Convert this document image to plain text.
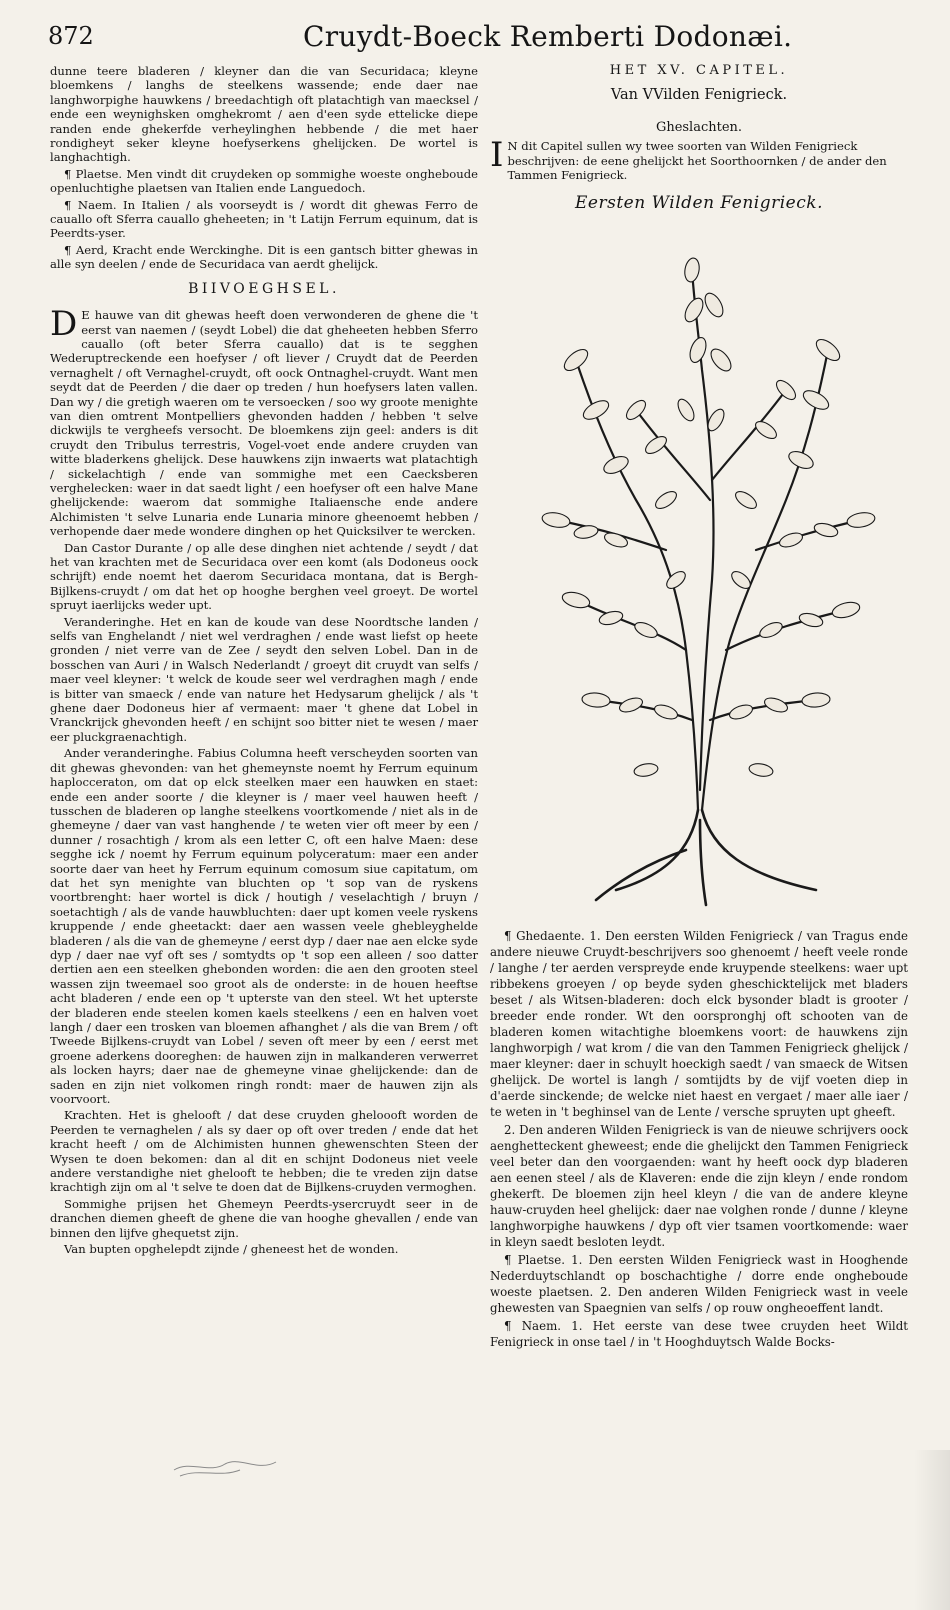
872	Cruydt-Boeck Remberti Dodonæi.

dunne teere bladeren / kleyner dan die van Securidaca; kleyne bloemkens / langhs de steelkens wassende; ende daer nae langhworpighe hauwkens / breedachtigh oft platachtigh van maecksel / ende een weynighsken omghekromt / aen d'een syde ettelicke diepe randen ende ghekerfde verheylinghen hebbende / die met haer rondigheyt seker kleyne hoefyserkens ghelijcken. De wortel is langhachtigh.

¶ Plaetse. Men vindt dit cruydeken op sommighe woeste ongheboude openluchtighe plaetsen van Italien ende Languedoch.

¶ Naem. In Italien / als voorseydt is / wordt dit ghewas Ferro de cauallo oft Sferra cauallo gheheeten; in 't Latijn Ferrum equinum, dat is Peerdts-yser.

¶ Aerd, Kracht ende Werckinghe. Dit is een gantsch bitter ghewas in alle syn deelen / ende de Securidaca van aerdt ghelijck.

BIIVOEGHSEL.

D E hauwe van dit ghewas heeft doen verwonderen de ghene die 't eerst van naemen / (seydt Lobel) die dat gheheeten hebben Sferro cauallo (oft beter Sferra cauallo) dat is te segghen Wederuptreckende een hoefyser / oft liever / Cruydt dat de Peerden vernaghelt / oft Vernaghel-cruydt, oft oock Ontnaghel-cruydt. Want men seydt dat de Peerden / die daer op treden / hun hoefysers laten vallen. Dan wy / die gretigh waeren om te versoecken / soo wy groote menighte van dien omtrent Montpelliers ghevonden hadden / hebben 't selve dickwijls te vergheefs versocht. De bloemkens zijn geel: anders is dit cruydt den Tribulus terrestris, Vogel-voet ende andere cruyden van witte bladerkens ghelijck. Dese hauwkens zijn inwaerts wat platachtigh / sickelachtigh / ende van sommighe met een Caecksberen verghelecken: waer in dat saedt light / een hoefyser oft een halve Mane ghelijckende: waerom dat sommighe Italiaensche ende andere Alchimisten 't selve Lunaria ende Lunaria minore gheenoemt hebben / verhopende daer mede wondere dinghen op het Quicksilver te wercken.

Dan Castor Durante / op alle dese dinghen niet achtende / seydt / dat het van krachten met de Securidaca over een komt (als Dodoneus oock schrijft) ende noemt het daerom Securidaca montana, dat is Bergh-Bijlkens-cruydt / om dat het op hooghe berghen veel groeyt. De wortel spruyt iaerlijcks weder upt.

Veranderinghe. Het en kan de koude van dese Noordtsche landen / selfs van Enghelandt / niet wel verdraghen / ende wast liefst op heete gronden / niet verre van de Zee / seydt den selven Lobel. Dan in de bosschen van Auri / in Walsch Nederlandt / groeyt dit cruydt van selfs / maer veel kleyner: 't welck de koude seer wel verdraghen magh / ende is bitter van smaeck / ende van nature het Hedysarum ghelijck / als 't ghene daer Dodoneus hier af vermaent: maer 't ghene dat Lobel in Vranckrijck ghevonden heeft / en schijnt soo bitter niet te wesen / maer eer pluckgraenachtigh.

Ander veranderinghe. Fabius Columna heeft verscheyden soorten van dit ghewas ghevonden: van het ghemeynste noemt hy Ferrum equinum haplocceraton, om dat op elck steelken maer een hauwken en staet: ende een ander soorte / die kleyner is / maer veel hauwen heeft / tusschen de bladeren op langhe steelkens voortkomende / niet als in de ghemeyne / daer van vast hanghende / te weten vier oft meer by een / dunner / rosachtigh / krom als een letter C, oft een halve Maen: dese segghe ick / noemt hy Ferrum equinum polyceratum: maer een ander soorte daer van heet hy Ferrum equinum comosum siue capitatum, om dat het syn menighte van bluchten op 't sop van de ryskens voortbrenght: haer wortel is dick / houtigh / veselachtigh / bruyn / soetachtigh / als de vande hauwbluchten: daer upt komen veele ryskens kruppende / ende gheetackt: daer aen wassen veele ghebleyghelde bladeren / als die van de ghemeyne / eerst dyp / daer nae aen elcke syde dyp / daer nae vyf oft ses / somtydts op 't sop een alleen / soo datter dertien aen een steelken ghebonden worden: die aen den grooten steel wassen zijn tweemael soo groot als de onderste: in de houen heeftse acht bladeren / ende een op 't upterste van den steel. Wt het upterste der bladeren ende steelen komen kaels steelkens / een en halven voet langh / daer een trosken van bloemen afhanghet / als die van Brem / oft Tweede Bijlkens-cruydt van Lobel / seven oft meer by een / eerst met groene aderkens dooreghen: de hauwen zijn in malkanderen verwerret als locken hayrs; daer nae de ghemeyne vinae ghelijckende: dan de saden en zijn niet volkomen ringh rondt: maer de hauwen zijn als voorvoort.

Krachten. Het is ghelooft / dat dese cruyden gheloooft worden de Peerden te vernaghelen / als sy daer op oft over treden / ende dat het kracht heeft / om de Alchimisten hunnen ghewenschten Steen der Wysen te doen bekomen: dan al dit en schijnt Dodoneus niet veele andere verstandighe niet ghelooft te hebben; die te vreden zijn datse krachtigh zijn om al 't selve te doen dat de Bijlkens-cruyden vermoghen.

Sommighe prijsen het Ghemeyn Peerdts-ysercruydt seer in de dranchen diemen gheeft de ghene die van hooghe ghevallen / ende van binnen den lijfve ghequetst zijn.

Van bupten opghelepdt zijnde / gheneest het de wonden.

HET XV. CAPITEL.
Van VVilden Fenigrieck.
Gheslachten.

I N dit Capitel sullen wy twee soorten van Wilden Fenigrieck beschrijven: de eene ghelijckt het Soorthoornken / de ander den Tammen Fenigrieck.

Eersten Wilden Fenigrieck.

¶ Ghedaente. 1. Den eersten Wilden Fenigrieck / van Tragus ende andere nieuwe Cruydt-beschrijvers soo ghenoemt / heeft veele ronde / langhe / ter aerden verspreyde ende kruypende steelkens: waer upt ribbekens groeyen / op beyde syden gheschicktelijck met bladers beset / als Witsen-bladeren: doch elck bysonder bladt is grooter / breeder ende ronder. Wt den oorspronghj oft schooten van de bladeren komen witachtighe bloemkens voort: de hauwkens zijn langhworpigh / wat krom / die van den Tammen Fenigrieck ghelijck / maer kleyner: daer in schuylt hoeckigh saedt / van smaeck de Witsen ghelijck. De wortel is langh / somtijdts by de vijf voeten diep in d'aerde sinckende; de welcke niet haest en vergaet / maer alle iaer / te weten in 't beghinsel van de Lente / versche spruyten upt gheeft.

2. Den anderen Wilden Fenigrieck is van de nieuwe schrijvers oock aenghetteckent gheweest; ende die ghelijckt den Tammen Fenigrieck veel beter dan den voorgaenden: want hy heeft oock dyp bladeren aen eenen steel / als de Klaveren: ende die zijn kleyn / ende rondom ghekerft. De bloemen zijn heel kleyn / die van de andere kleyne hauw-cruyden heel ghelijck: daer nae volghen ronde / dunne / kleyne langhworpighe hauwkens / dyp oft vier tsamen voortkomende: waer in kleyn saedt besloten leydt.

¶ Plaetse. 1. Den eersten Wilden Fenigrieck wast in Hooghende Nederduytschlandt op boschachtighe / dorre ende ongheboude woeste plaetsen. 2. Den anderen Wilden Fenigrieck wast in veele ghewesten van Spaegnien van selfs / op rouw ongheoeffent landt.

¶ Naem. 1. Het eerste van dese twee cruyden heet Wildt Fenigrieck in onse tael / in 't Hooghduytsch Walde Bocks-
